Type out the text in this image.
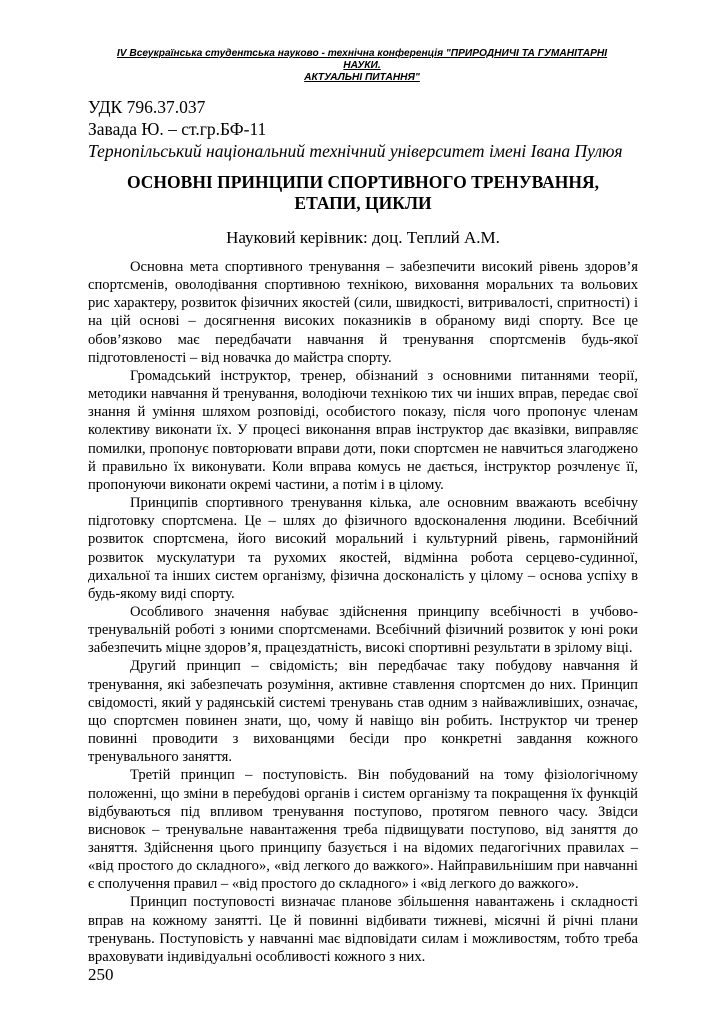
IV Всеукраїнська студентська науково - технічна конференція "ПРИРОДНИЧІ ТА ГУМАНІТАРНІ НАУКИ.
АКТУАЛЬНІ ПИТАННЯ"
УДК 796.37.037
Завада Ю. – ст.гр.БФ-11
Тернопільський національний технічний університет імені Івана Пулюя
ОСНОВНІ ПРИНЦИПИ СПОРТИВНОГО ТРЕНУВАННЯ,
ЕТАПИ, ЦИКЛИ
Науковий керівник: доц. Теплий А.М.

Основна мета спортивного тренування – забезпечити високий рівень здоров’я спортсменів, оволодівання спортивною технікою, виховання моральних та вольових рис характеру, розвиток фізичних якостей (сили, швидкості, витривалості, спритності) і на цій основі – досягнення високих показників в обраному виді спорту. Все це обов’язково має передбачати навчання й тренування спортсменів будь-якої підготовленості – від новачка до майстра спорту.

Громадський інструктор, тренер, обізнаний з основними питаннями теорії, методики навчання й тренування, володіючи технікою тих чи інших вправ, передає свої знання й уміння шляхом розповіді, особистого показу, після чого пропонує членам колективу виконати їх. У процесі виконання вправ інструктор дає вказівки, виправляє помилки, пропонує повторювати вправи доти, поки спортсмен не навчиться злагоджено й правильно їх виконувати. Коли вправа комусь не дається, інструктор розчленує її, пропонуючи виконати окремі частини, а потім і в цілому.

Принципів спортивного тренування кілька, але основним вважають всебічну підготовку спортсмена. Це – шлях до фізичного вдосконалення людини. Всебічний розвиток спортсмена, його високий моральний і культурний рівень, гармонійний розвиток мускулатури та рухомих якостей, відмінна робота серцево-судинної, дихальної та інших систем організму, фізична досконалість у цілому – основа успіху в будь-якому виді спорту.

Особливого значення набуває здійснення принципу всебічності в учбово-тренувальній роботі з юними спортсменами. Всебічний фізичний розвиток у юні роки забезпечить міцне здоров’я, працездатність, високі спортивні результати в зрілому віці.

Другий принцип – свідомість; він передбачає таку побудову навчання й тренування, які забезпечать розуміння, активне ставлення спортсмен до них. Принцип свідомості, який у радянській системі тренувань став одним з найважливіших, означає, що спортсмен повинен знати, що, чому й навіщо він робить. Інструктор чи тренер повинні проводити з вихованцями бесіди про конкретні завдання кожного тренувального заняття.

Третій принцип – поступовість. Він побудований на тому фізіологічному положенні, що зміни в перебудові органів і систем організму та покращення їх функцій відбуваються під впливом тренування поступово, протягом певного часу. Звідси висновок – тренувальне навантаження треба підвищувати поступово, від заняття до заняття. Здійснення цього принципу базується і на відомих педагогічних правилах – «від простого до складного», «від легкого до важкого». Найправильнішим при навчанні є сполучення правил – «від простого до складного» і «від легкого до важкого».

Принцип поступовості визначає планове збільшення навантажень і складності вправ на кожному занятті. Це й повинні відбивати тижневі, місячні й річні плани тренувань. Поступовість у навчанні має відповідати силам і можливостям, тобто треба враховувати індивідуальні особливості кожного з них.

250
